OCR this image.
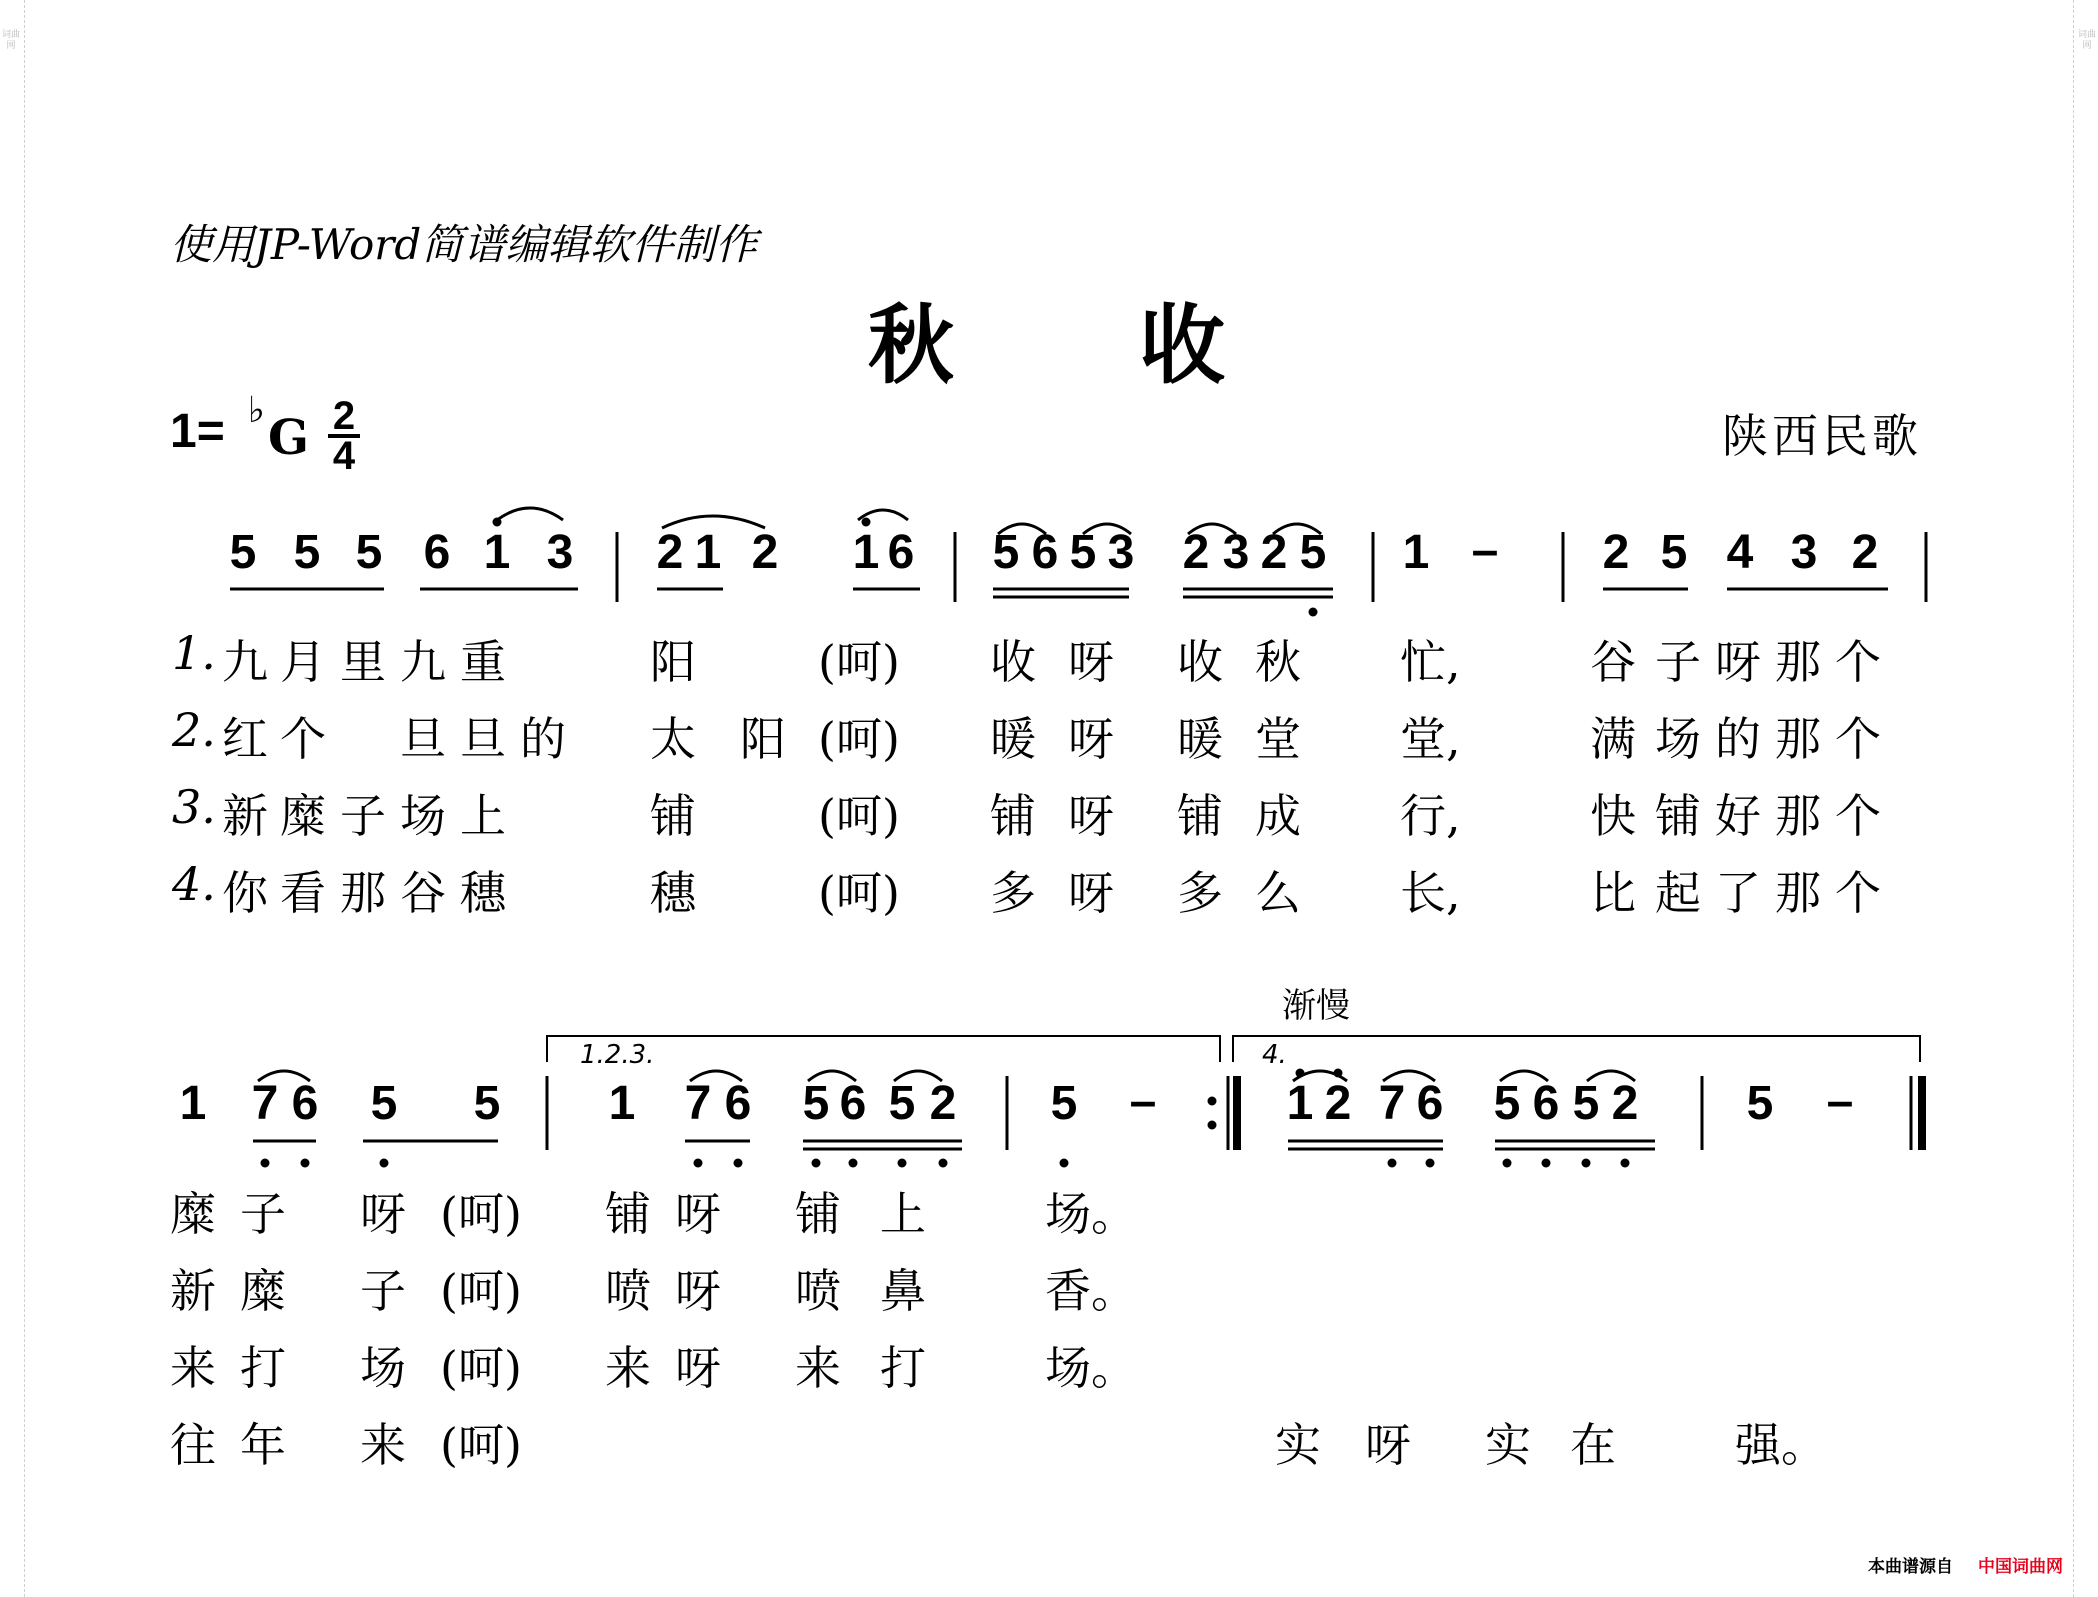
词曲网
词曲网
使用JP-Word简谱编辑软件制作
秋收
1= ♭ G 2
4	陕西民歌
5 5 5 6 1 3 2 1 2 1 6 5 6 5 3 2 3 2 5 1 – 2 5 4 3 2
1 7 6 5 5 1 7 6 5 6 5 2 5 –	1 2 7 6 5 6 5 2 5 –
渐慢
1.2.3.	4.
1. 九 月 里 九 重	阳	(呵) 收 呀 收 秋 忙,	谷 子 呀 那 个
2. 红 个 旦 旦 的 太 阳 (呵) 暖 呀 暖 堂 堂,	满 场 的 那 个
3. 新 糜 子 场 上	铺	(呵) 铺 呀 铺 成 行,	快 铺 好 那 个
4. 你 看 那 谷 穗	穗	(呵) 多 呀 多 么 长,	比 起 了 那 个
糜 子 呀 (呵) 铺 呀 铺 上	场。
新 糜 子 (呵) 喷 呀 喷 鼻	香。
来 打 场 (呵) 来 呀 来 打	场。
往 年 来 (呵)	实 呀 实 在	强。
本曲谱源自 中国词曲网
